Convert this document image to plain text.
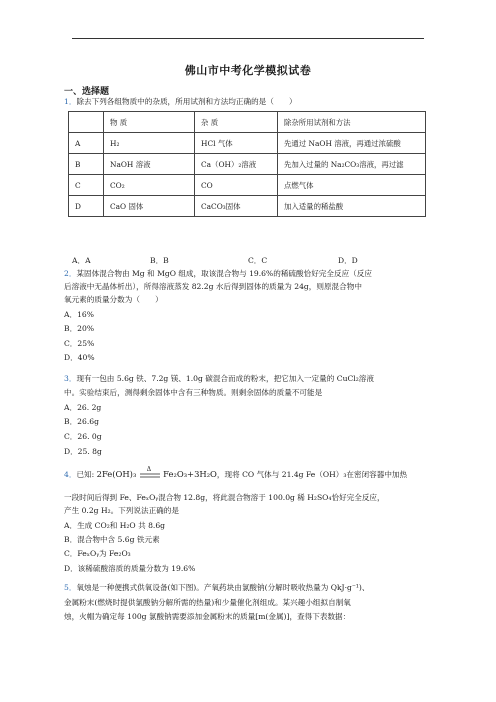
佛山市中考化学模拟试卷
一、选择题
1．除去下列各组物质中的杂质，所用试剂和方法均正确的是（　　）
	物 质	杂 质	除杂所用试剂和方法
A	H₂	HCl 气体	先通过 NaOH 溶液，再通过浓硫酸
B	NaOH 溶液	Ca（OH）₂溶液	先加入过量的 Na₂CO₃溶液，再过滤
C	CO₂	CO	点燃气体
D	CaO 固体	CaCO₃固体	加入适量的稀盐酸
A．A	B．B	C．C	D．D
2．某固体混合物由 Mg 和 MgO 组成，取该混合物与 19.6%的稀硫酸恰好完全反应（反应
后溶液中无晶体析出），所得溶液蒸发 82.2g 水后得到固体的质量为 24g，则原混合物中
氧元素的质量分数为（　　）
A．16%
B．20%
C．25%
D．40%
3．现有一包由 5.6g 铁、7.2g 镁、1.0g 碳混合而成的粉末，把它加入一定量的 CuCl₂溶液
中。实验结束后，测得剩余固体中含有三种物质。则剩余固体的质量不可能是
A．26. 2g
B．26.6g
C．26. 0g
D．25. 8g
4．已知: 2Fe(OH)₃ Δ Fe₂O₃+3H₂O，现将 CO 气体与 21.4g Fe（OH）₃在密闭容器中加热
一段时间后得到 Fe、FeₓOᵧ混合物 12.8g，将此混合物溶于 100.0g 稀 H₂SO₄恰好完全反应，
产生 0.2g H₂。下列说法正确的是
A．生成 CO₂和 H₂O 共 8.6g
B．混合物中含 5.6g 铁元素
C．FeₓOᵧ为 Fe₂O₃
D．该稀硫酸溶质的质量分数为 19.6%
5．氧烛是一种便携式供氧设备(如下图)。产氧药块由氯酸钠(分解时吸收热量为 QkJ·g⁻¹)、
金属粉末(燃烧时提供氯酸钠分解所需的热量)和少量催化剂组成。某兴趣小组拟自制氧
烛，火帽为确定每 100g 氯酸钠需要添加金属粉末的质量[m(金属)]，查得下表数据：
